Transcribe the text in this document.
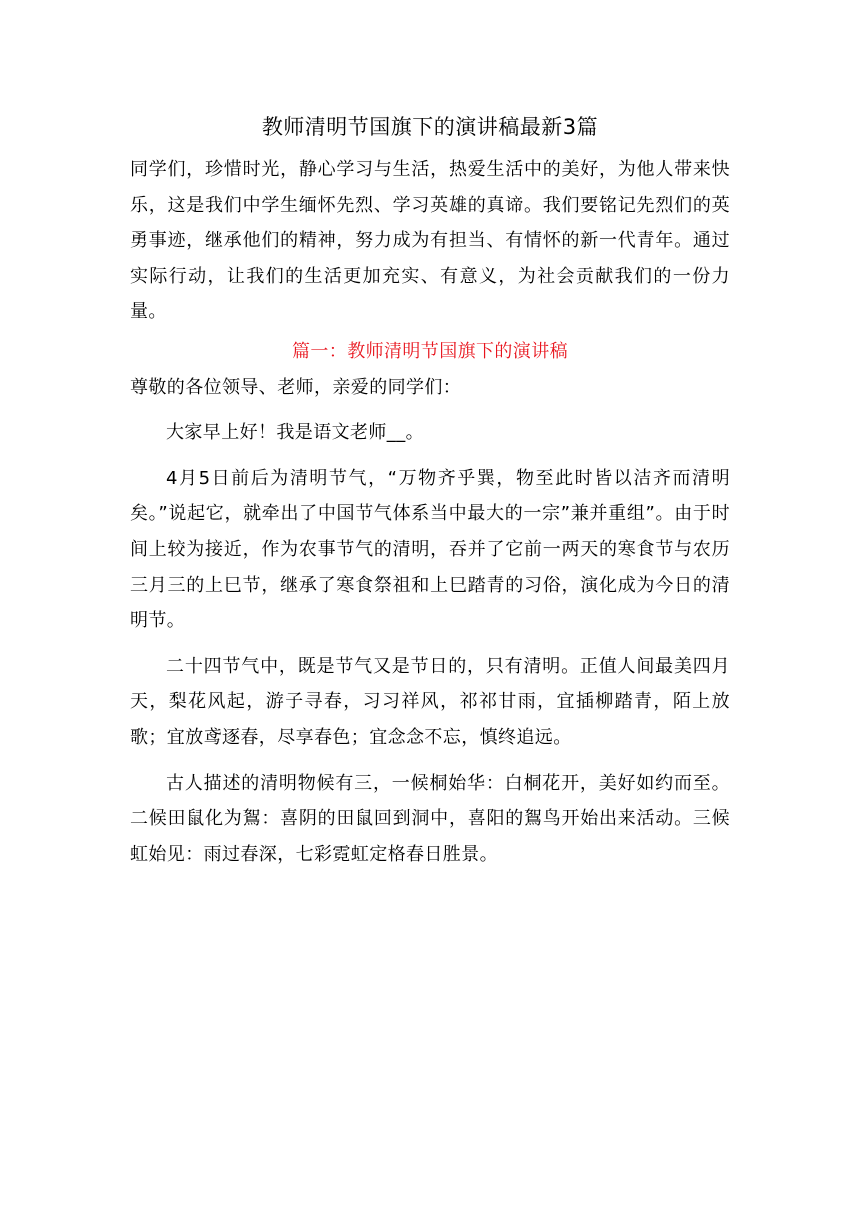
教师清明节国旗下的演讲稿最新3篇

同学们，珍惜时光，静心学习与生活，热爱生活中的美好，为他人带来快乐，这是我们中学生缅怀先烈、学习英雄的真谛。我们要铭记先烈们的英勇事迹，继承他们的精神，努力成为有担当、有情怀的新一代青年。通过实际行动，让我们的生活更加充实、有意义，为社会贡献我们的一份力量。

篇一：教师清明节国旗下的演讲稿

尊敬的各位领导、老师，亲爱的同学们：

大家早上好！我是语文老师__。

4月5日前后为清明节气，“万物齐乎巽，物至此时皆以洁齐而清明矣。”说起它，就牵出了中国节气体系当中最大的一宗”兼并重组”。由于时间上较为接近，作为农事节气的清明，吞并了它前一两天的寒食节与农历三月三的上巳节，继承了寒食祭祖和上巳踏青的习俗，演化成为今日的清明节。

二十四节气中，既是节气又是节日的，只有清明。正值人间最美四月天，梨花风起，游子寻春，习习祥风，祁祁甘雨，宜插柳踏青，陌上放歌；宜放鸢逐春，尽享春色；宜念念不忘，慎终追远。

古人描述的清明物候有三，一候桐始华：白桐花开，美好如约而至。二候田鼠化为鴽：喜阴的田鼠回到洞中，喜阳的鴽鸟开始出来活动。三候虹始见：雨过春深，七彩霓虹定格春日胜景。
